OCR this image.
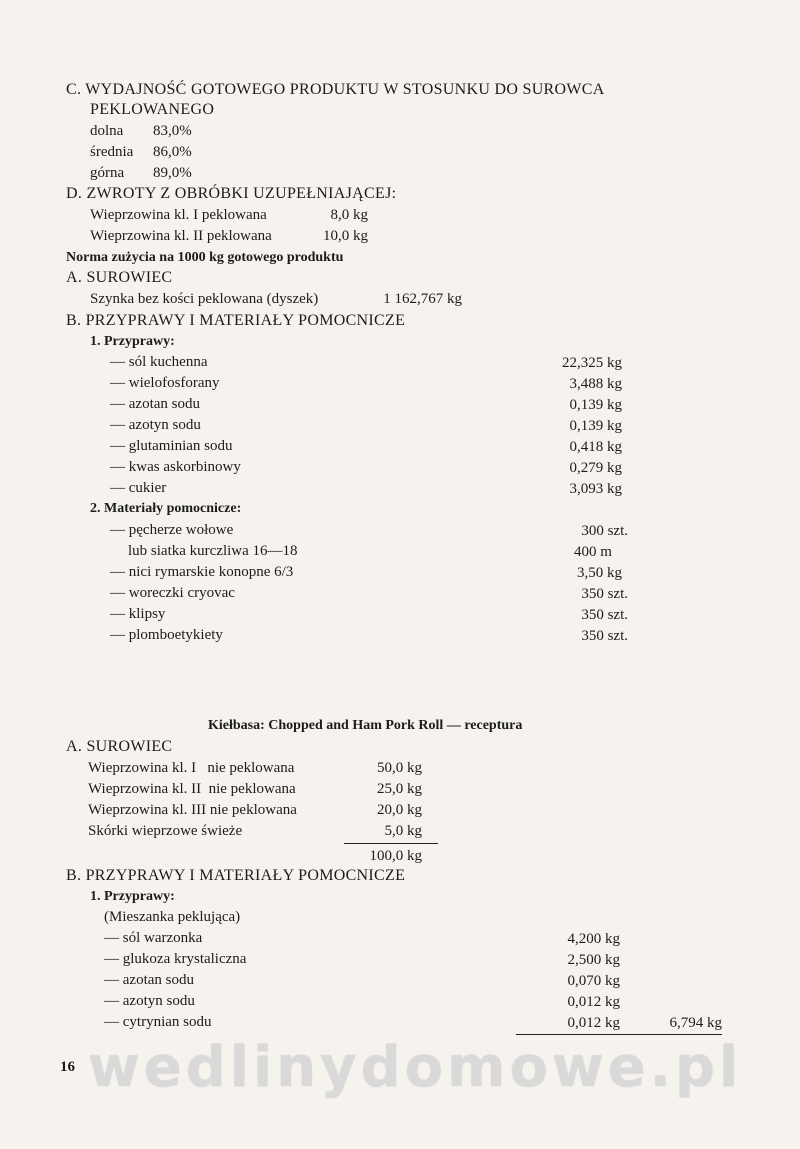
C. WYDAJNOŚĆ GOTOWEGO PRODUKTU W STOSUNKU DO SUROWCA
PEKLOWANEGO
dolna 83,0%
średnia 86,0%
górna 89,0%
D. ZWROTY Z OBRÓBKI UZUPEŁNIAJĄCEJ:
Wieprzowina kl. I peklowana	8,0 kg
Wieprzowina kl. II peklowana	10,0 kg
Norma zużycia na 1000 kg gotowego produktu
A. SUROWIEC
Szynka bez kości peklowana (dyszek)	1 162,767 kg
B. PRZYPRAWY I MATERIAŁY POMOCNICZE
1. Przyprawy:
— sól kuchenna	22,325 kg
— wielofosforany	3,488 kg
— azotan sodu	0,139 kg
— azotyn sodu	0,139 kg
— glutaminian sodu	0,418 kg
— kwas askorbinowy	0,279 kg
— cukier	3,093 kg
2. Materiały pomocnicze:
— pęcherze wołowe	300 szt.
lub siatka kurczliwa 16—18	400 m
— nici rymarskie konopne 6/3	3,50 kg
— woreczki cryovac	350 szt.
— klipsy	350 szt.
— plomboetykiety	350 szt.
Kiełbasa: Chopped and Ham Pork Roll — receptura
A. SUROWIEC
Wieprzowina kl. I   nie peklowana	50,0 kg
Wieprzowina kl. II  nie peklowana	25,0 kg
Wieprzowina kl. III nie peklowana	20,0 kg
Skórki wieprzowe świeże	5,0 kg
100,0 kg
B. PRZYPRAWY I MATERIAŁY POMOCNICZE
1. Przyprawy:
(Mieszanka peklująca)
— sól warzonka	4,200 kg
— glukoza krystaliczna	2,500 kg
— azotan sodu	0,070 kg
— azotyn sodu	0,012 kg
— cytrynian sodu	0,012 kg	6,794 kg
wedlinydomowe.pl
16
